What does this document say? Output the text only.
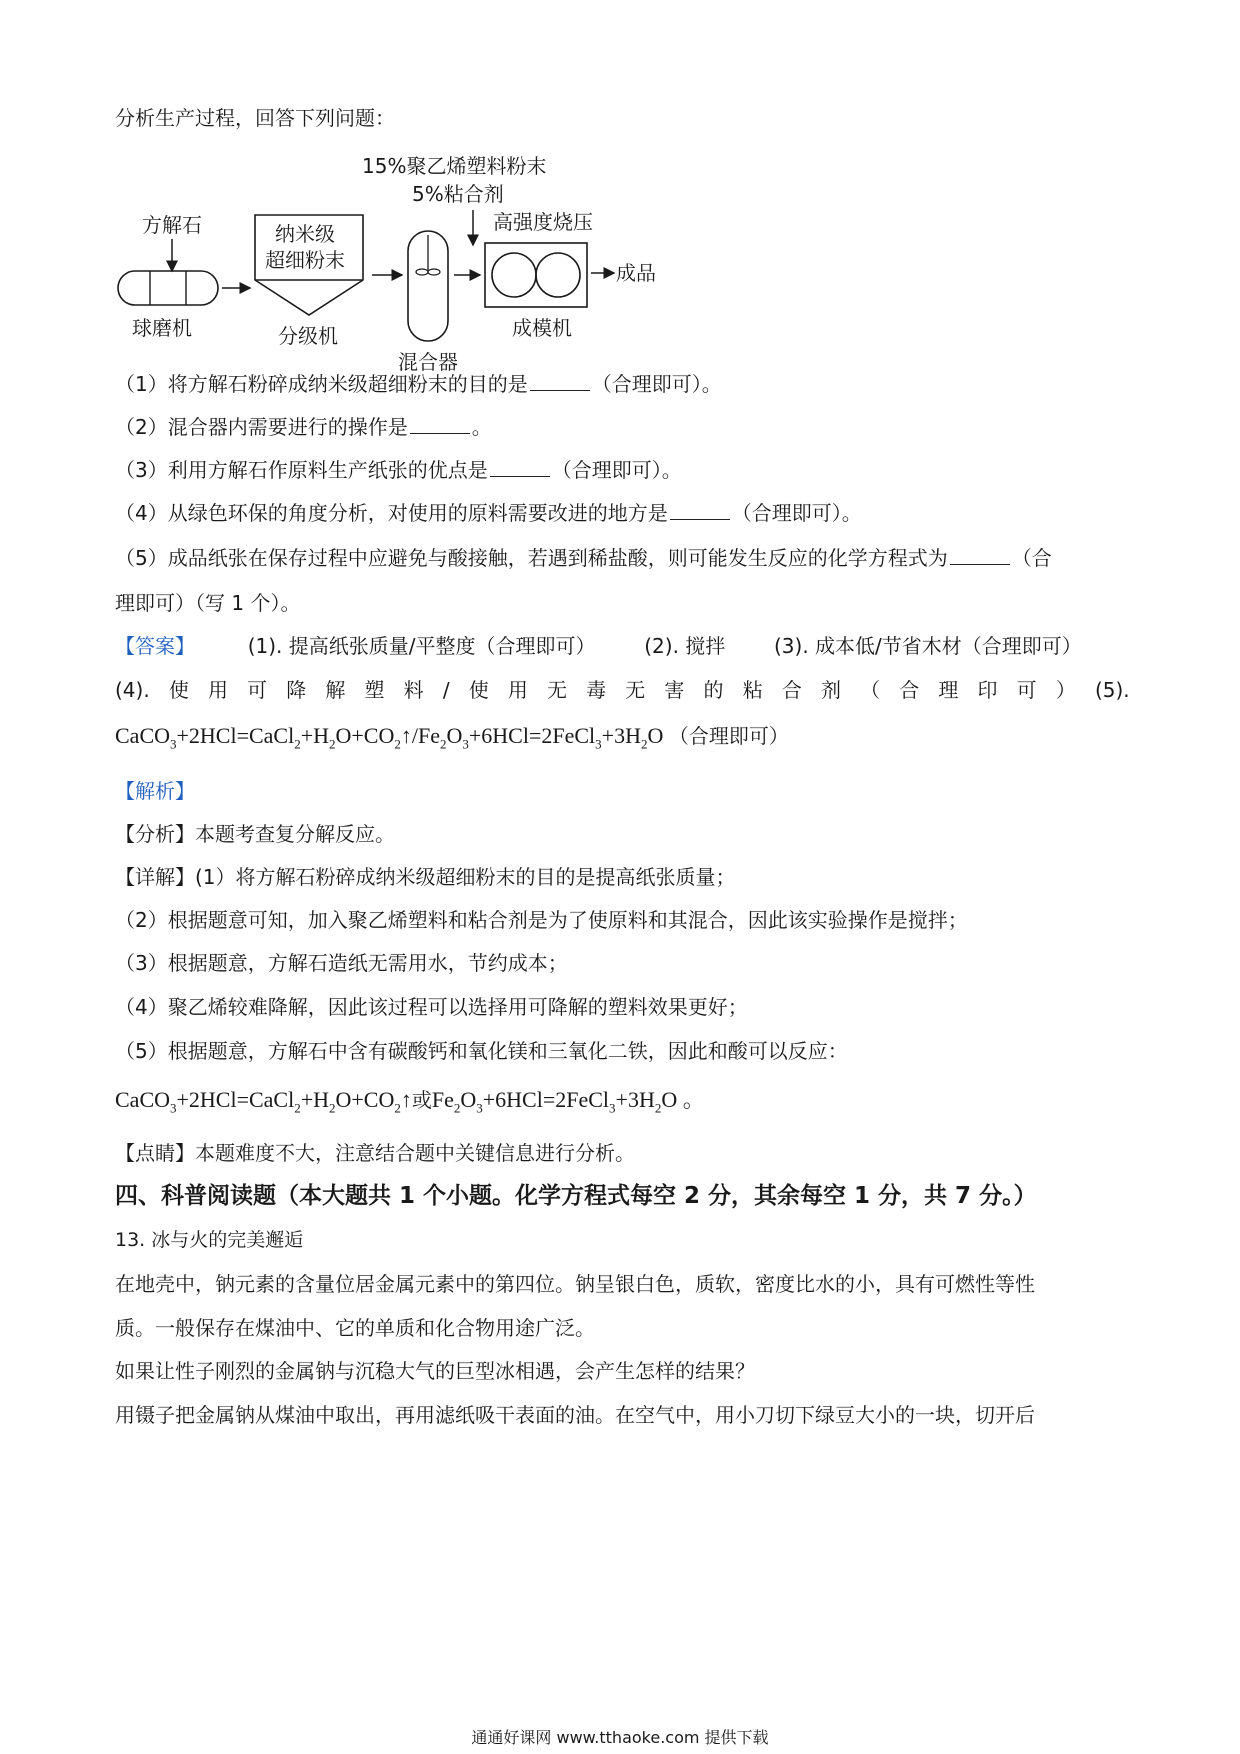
分析生产过程，回答下列问题：
15%聚乙烯塑料粉末
5%粘合剂
方解石
球磨机
纳米级
超细粉末
分级机
混合器
高强度烧压
成模机
成品
（1）将方解石粉碎成纳米级超细粉末的目的是	（合理即可）。
（2）混合器内需要进行的操作是	。
（3）利用方解石作原料生产纸张的优点是	（合理即可）。
（4）从绿色环保的角度分析，对使用的原料需要改进的地方是	（合理即可）。
（5）成品纸张在保存过程中应避免与酸接触，若遇到稀盐酸，则可能发生反应的化学方程式为	（合
理即可）（写 1 个）。
【答案】	(1). 提高纸张质量/平整度（合理即可） (2). 搅拌 (3). 成本低/节省木材（合理即可）
(4). 使 用 可 降 解 塑 料 / 使 用 无 毒 无 害 的 粘 合 剂 （ 合 理 印 可 ） (5).
$CaCO_3+2HCl=CaCl_2+H_2O+CO_2↑/Fe_2O_3+6HCl=2FeCl_3+3H_2O$ （合理即可）
【解析】
【分析】本题考查复分解反应。
【详解】(1）将方解石粉碎成纳米级超细粉末的目的是提高纸张质量；
（2）根据题意可知，加入聚乙烯塑料和粘合剂是为了使原料和其混合，因此该实验操作是搅拌；
（3）根据题意，方解石造纸无需用水，节约成本；
（4）聚乙烯较难降解，因此该过程可以选择用可降解的塑料效果更好；
（5）根据题意，方解石中含有碳酸钙和氧化镁和三氧化二铁，因此和酸可以反应：
$CaCO_3+2HCl=CaCl_2+H_2O+CO_2↑$或$Fe_2O_3+6HCl=2FeCl_3+3H_2O$ 。
【点睛】本题难度不大，注意结合题中关键信息进行分析。
四、科普阅读题（本大题共 1 个小题。化学方程式每空 2 分，其余每空 1 分，共 7 分。）
13. 冰与火的完美邂逅
在地壳中，钠元素的含量位居金属元素中的第四位。钠呈银白色，质软，密度比水的小，具有可燃性等性
质。一般保存在煤油中、它的单质和化合物用途广泛。
如果让性子刚烈的金属钠与沉稳大气的巨型冰相遇，会产生怎样的结果？
用镊子把金属钠从煤油中取出，再用滤纸吸干表面的油。在空气中，用小刀切下绿豆大小的一块，切开后
通通好课网 www.tthaoke.com 提供下载
